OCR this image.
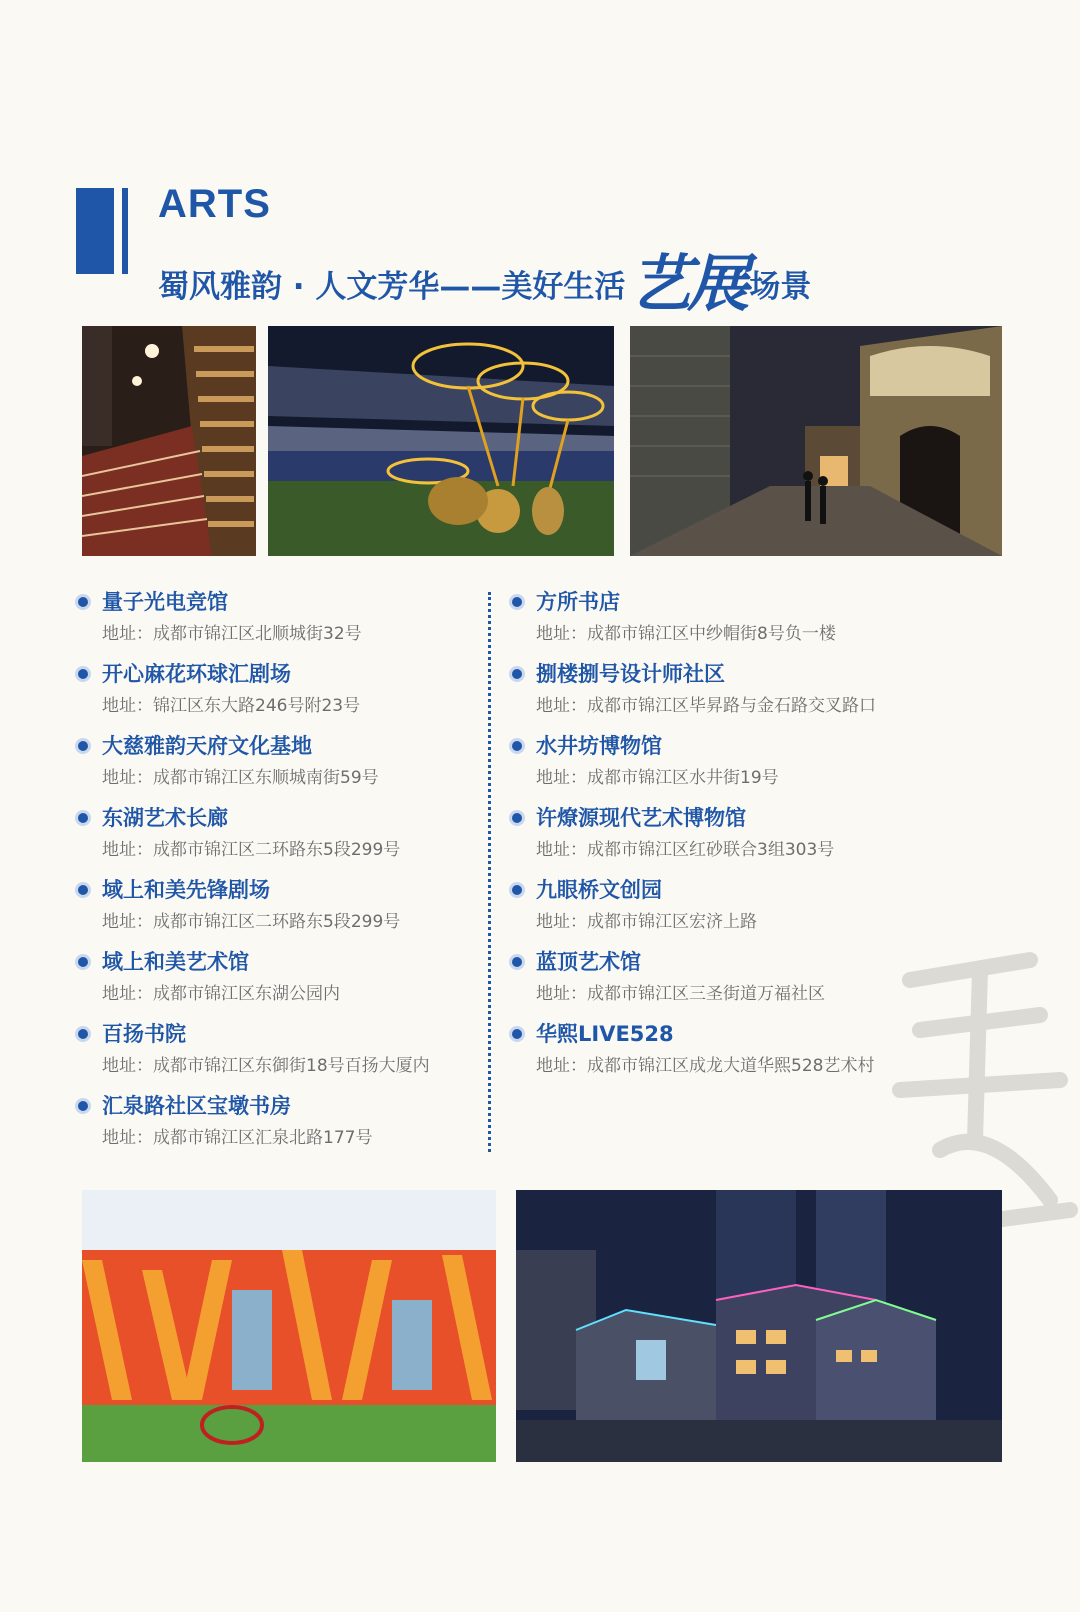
ARTS
蜀风雅韵 · 人文芳华——美好生活艺展 场景
量子光电竞馆
地址：成都市锦江区北顺城街32号
开心麻花环球汇剧场
地址：锦江区东大路246号附23号
大慈雅韵天府文化基地
地址：成都市锦江区东顺城南街59号
东湖艺术长廊
地址：成都市锦江区二环路东5段299号
域上和美先锋剧场
地址：成都市锦江区二环路东5段299号
域上和美艺术馆
地址：成都市锦江区东湖公园内
百扬书院
地址：成都市锦江区东御街18号百扬大厦内
汇泉路社区宝墩书房
地址：成都市锦江区汇泉北路177号
方所书店
地址：成都市锦江区中纱帽街8号负一楼
捌楼捌号设计师社区
地址：成都市锦江区毕昇路与金石路交叉路口
水井坊博物馆
地址：成都市锦江区水井街19号
许燎源现代艺术博物馆
地址：成都市锦江区红砂联合3组303号
九眼桥文创园
地址：成都市锦江区宏济上路
蓝顶艺术馆
地址：成都市锦江区三圣街道万福社区
华熙LIVE528
地址：成都市锦江区成龙大道华熙528艺术村
